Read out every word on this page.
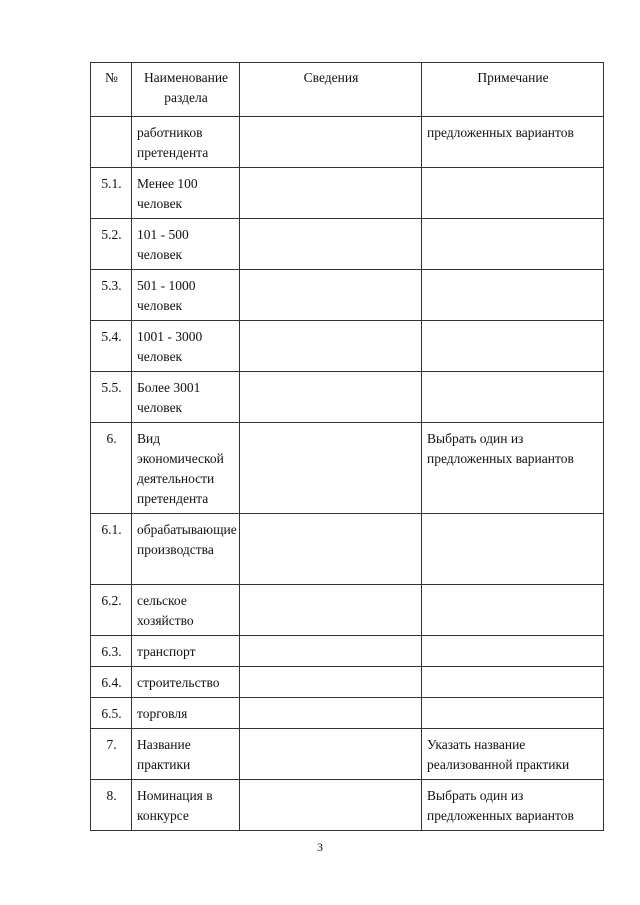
№	Наименование раздела	Сведения	Примечание
	работников претендента		предложенных вариантов
5.1.	Менее 100 человек		
5.2.	101 - 500 человек		
5.3.	501 - 1000 человек		
5.4.	1001 - 3000 человек		
5.5.	Более 3001 человек		
6.	Вид экономической деятельности претендента		Выбрать один из предложенных вариантов
6.1.	обрабатывающие производства		
6.2.	сельское хозяйство		
6.3.	транспорт		
6.4.	строительство		
6.5.	торговля		
7.	Название практики		Указать название реализованной практики
8.	Номинация в конкурсе		Выбрать один из предложенных вариантов
3
